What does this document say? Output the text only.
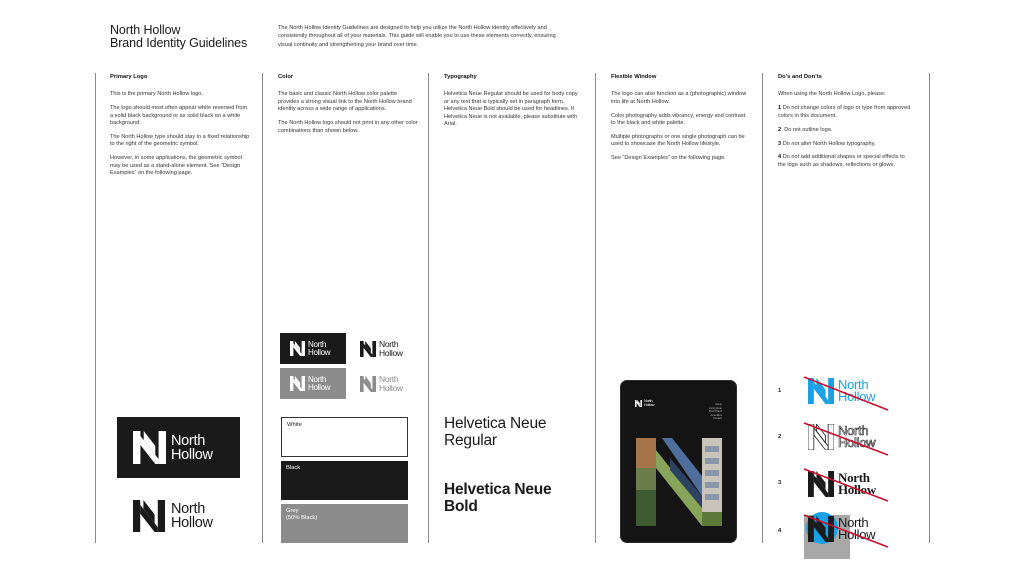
North Hollow
Brand Identity Guidelines
The North Hollow Identity Guidelines are designed to help you utilize the North Hollow identity effectively and consistently throughout all of your materials. This guide will enable you to use these elements correctly, ensuring visual continuity and strengthening your brand over time.
Primary Logo

This is the primary North Hollow logo.

The logo should most often appear white reversed from a solid black background or as solid black on a white background.

The North Hollow type should stay in a fixed relationship to the right of the geometric symbol.

However, in some applications, the geometric symbol may be used as a stand-alone element. See “Design Examples” on the following page.

North
Hollow
North
Hollow
Color

The basic and classic North Hollow color palette provides a strong visual link to the North Hollow brand identity across a wide range of applications.

The North Hollow logo should not print in any other color combinations than shown below.

North
Hollow
North
Hollow
North
Hollow
North
Hollow
White
Black
Grey
(50% Black)
Typography

Helvetica Neue Regular should be used for body copy or any text that is typically set in paragraph form. Helvetica Neue Bold should be used for headlines. If Helvetica Neue is not available, please substitute with Arial.

Helvetica Neue
Regular
Helvetica Neue
Bold
Flexible Window

The logo can also function as a (photographic) window into life at North Hollow.

Color photography adds vibrancy, energy and contrast to the black and white palette.

Multiple photographs or one single photograph can be used to showcase the North Hollow lifestyle.

See “Design Examples” on the following page.

North
Hollow	Home
Living Here
Floor Plans
Amenities
Contact
Do’s and Don’ts

When using the North Hollow Logo, please:

1 Do not change colors of logo or type from approved colors in this document.

2 Do not outline logo.

3 Do not alter North Hollow typography.

4 Do not add additional shapes or special effects to the logo such as shadows, reflections or glows.

1
2
3
4
North
Hollow
North
Hollow
North
Hollow
North
Hollow
